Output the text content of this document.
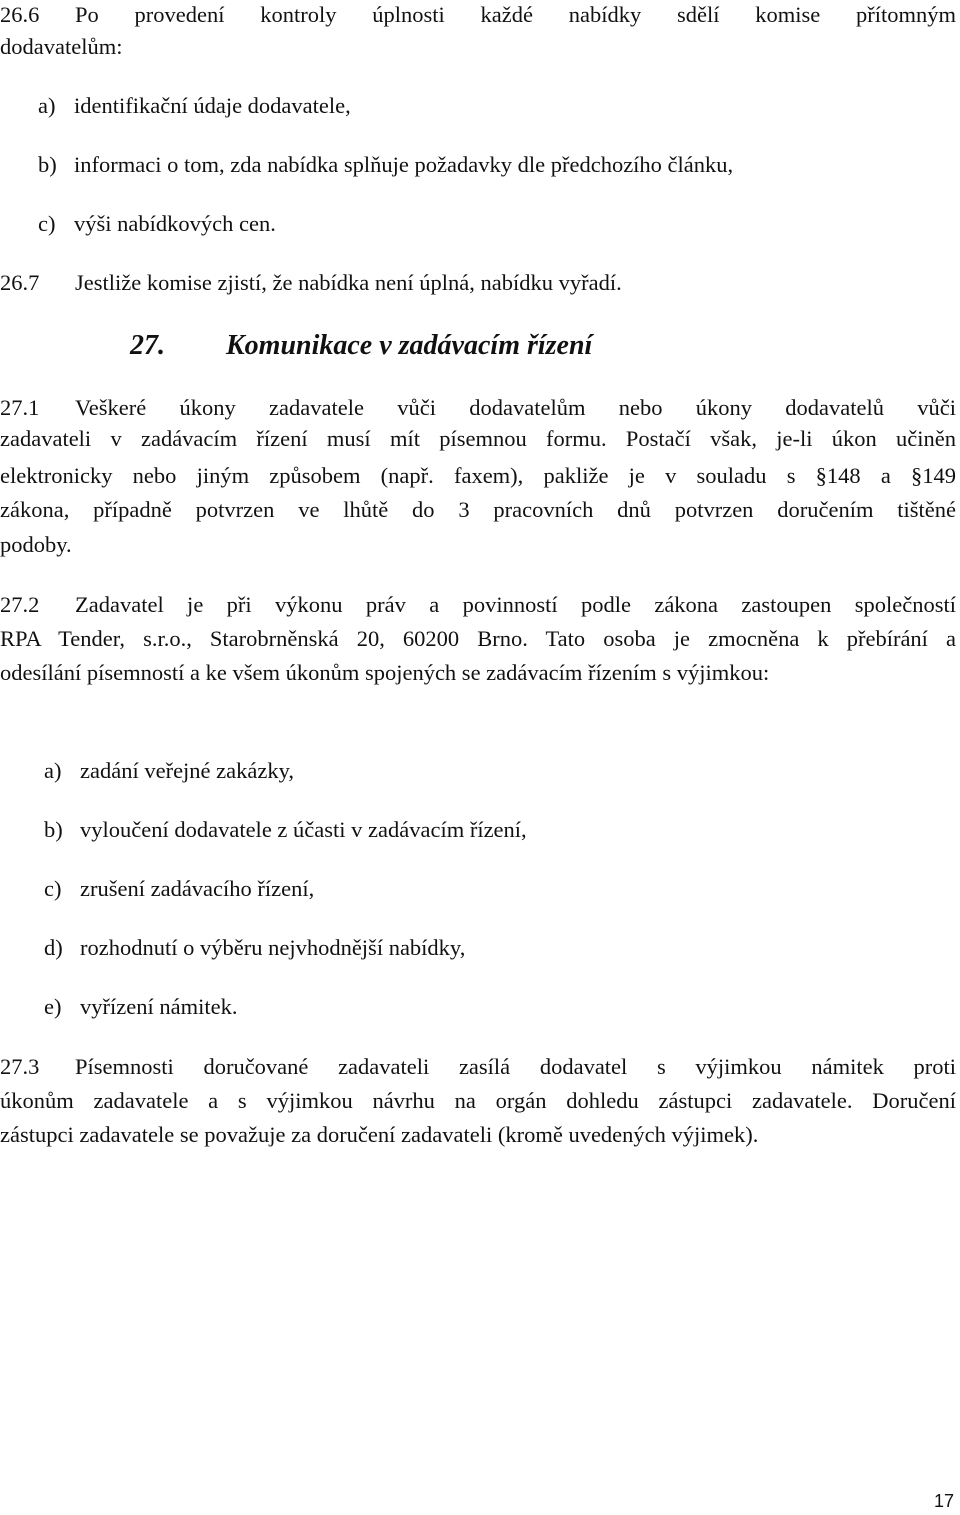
26.6 Po provedení kontroly úplnosti každé nabídky sdělí komise přítomným
dodavatelům:
a) identifikační údaje dodavatele,
b) informaci o tom, zda nabídka splňuje požadavky dle předchozího článku,
c) výši nabídkových cen.
26.7 Jestliže komise zjistí, že nabídka není úplná, nabídku vyřadí.
27. Komunikace v zadávacím řízení
27.1 Veškeré úkony zadavatele vůči dodavatelům nebo úkony dodavatelů vůči
zadavateli v zadávacím řízení musí mít písemnou formu. Postačí však, je-li úkon učiněn
elektronicky nebo jiným způsobem (např. faxem), pakliže je v souladu s §148 a §149
zákona, případně potvrzen ve lhůtě do 3 pracovních dnů potvrzen doručením tištěné
podoby.
27.2 Zadavatel je při výkonu práv a povinností podle zákona zastoupen společností
RPA Tender, s.r.o., Starobrněnská 20, 60200 Brno. Tato osoba je zmocněna k přebírání a
odesílání písemností a ke všem úkonům spojených se zadávacím řízením s výjimkou:
a) zadání veřejné zakázky,
b) vyloučení dodavatele z účasti v zadávacím řízení,
c) zrušení zadávacího řízení,
d) rozhodnutí o výběru nejvhodnější nabídky,
e) vyřízení námitek.
27.3 Písemnosti doručované zadavateli zasílá dodavatel s výjimkou námitek proti
úkonům zadavatele a s výjimkou návrhu na orgán dohledu zástupci zadavatele. Doručení
zástupci zadavatele se považuje za doručení zadavateli (kromě uvedených výjimek).
17
